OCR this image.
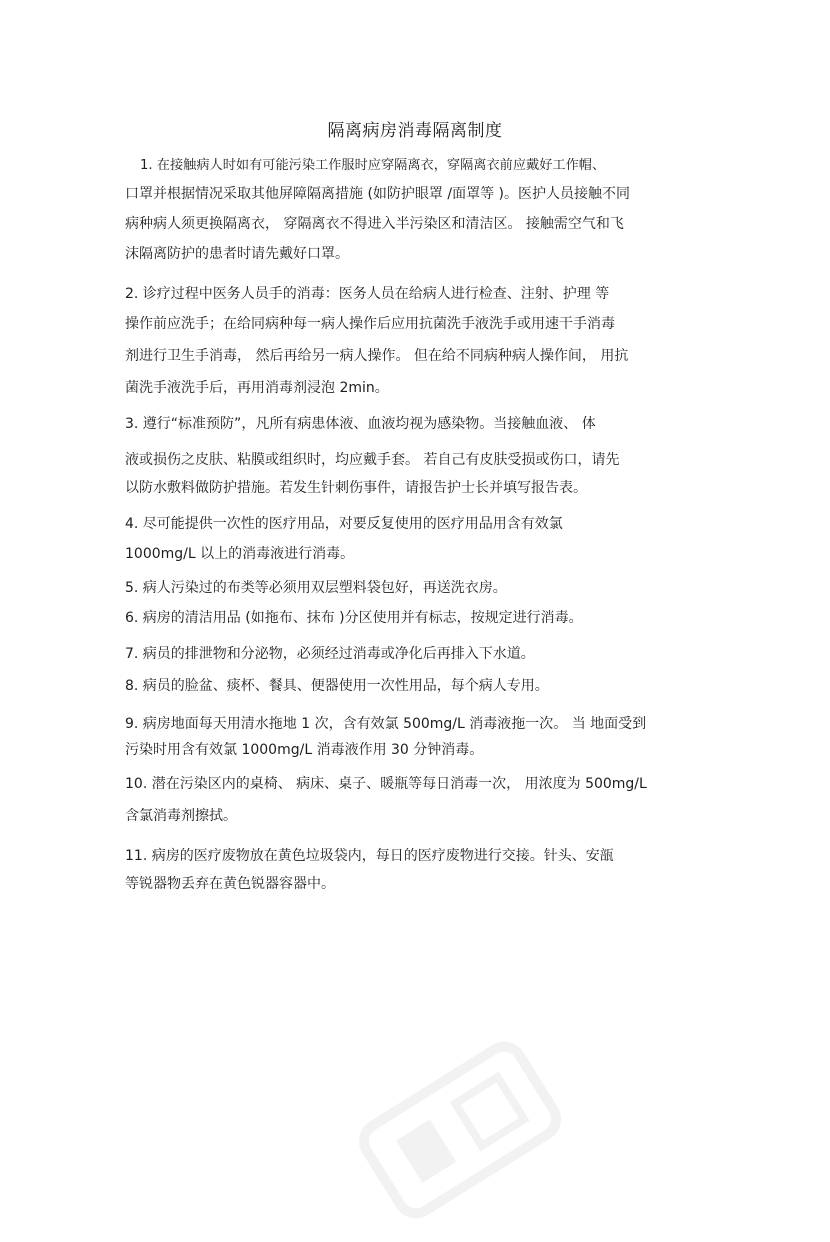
隔离病房消毒隔离制度
1. 在接触病人时如有可能污染工作服时应穿隔离衣，穿隔离衣前应戴好工作帽、
口罩并根据情况采取其他屏障隔离措施 (如防护眼罩 /面罩等 )。医护人员接触不同
病种病人须更换隔离衣， 穿隔离衣不得进入半污染区和清洁区。 接触需空气和飞
沫隔离防护的患者时请先戴好口罩。
2. 诊疗过程中医务人员手的消毒：医务人员在给病人进行检查、注射、护理 等
操作前应洗手；在给同病种每一病人操作后应用抗菌洗手液洗手或用速干手消毒
剂进行卫生手消毒， 然后再给另一病人操作。 但在给不同病种病人操作间， 用抗
菌洗手液洗手后，再用消毒剂浸泡 2min。
3. 遵行“标准预防”，凡所有病患体液、血液均视为感染物。当接触血液、 体
液或损伤之皮肤、粘膜或组织时，均应戴手套。 若自己有皮肤受损或伤口，请先
以防水敷料做防护措施。若发生针刺伤事件，请报告护士长并填写报告表。
4. 尽可能提供一次性的医疗用品，对要反复使用的医疗用品用含有效氯
1000mg/L 以上的消毒液进行消毒。
5. 病人污染过的布类等必须用双层塑料袋包好，再送洗衣房。
6. 病房的清洁用品 (如拖布、抹布 )分区使用并有标志，按规定进行消毒。
7. 病员的排泄物和分泌物，必须经过消毒或净化后再排入下水道。
8. 病员的脸盆、痰杯、餐具、便器使用一次性用品，每个病人专用。
9. 病房地面每天用清水拖地 1 次，含有效氯 500mg/L 消毒液拖一次。 当 地面受到
污染时用含有效氯 1000mg/L 消毒液作用 30 分钟消毒。
10. 潜在污染区内的桌椅、 病床、桌子、暖瓶等每日消毒一次， 用浓度为 500mg/L
含氯消毒剂擦拭。
11. 病房的医疗废物放在黄色垃圾袋内，每日的医疗废物进行交接。针头、安瓿
等锐器物丢弃在黄色锐器容器中。
